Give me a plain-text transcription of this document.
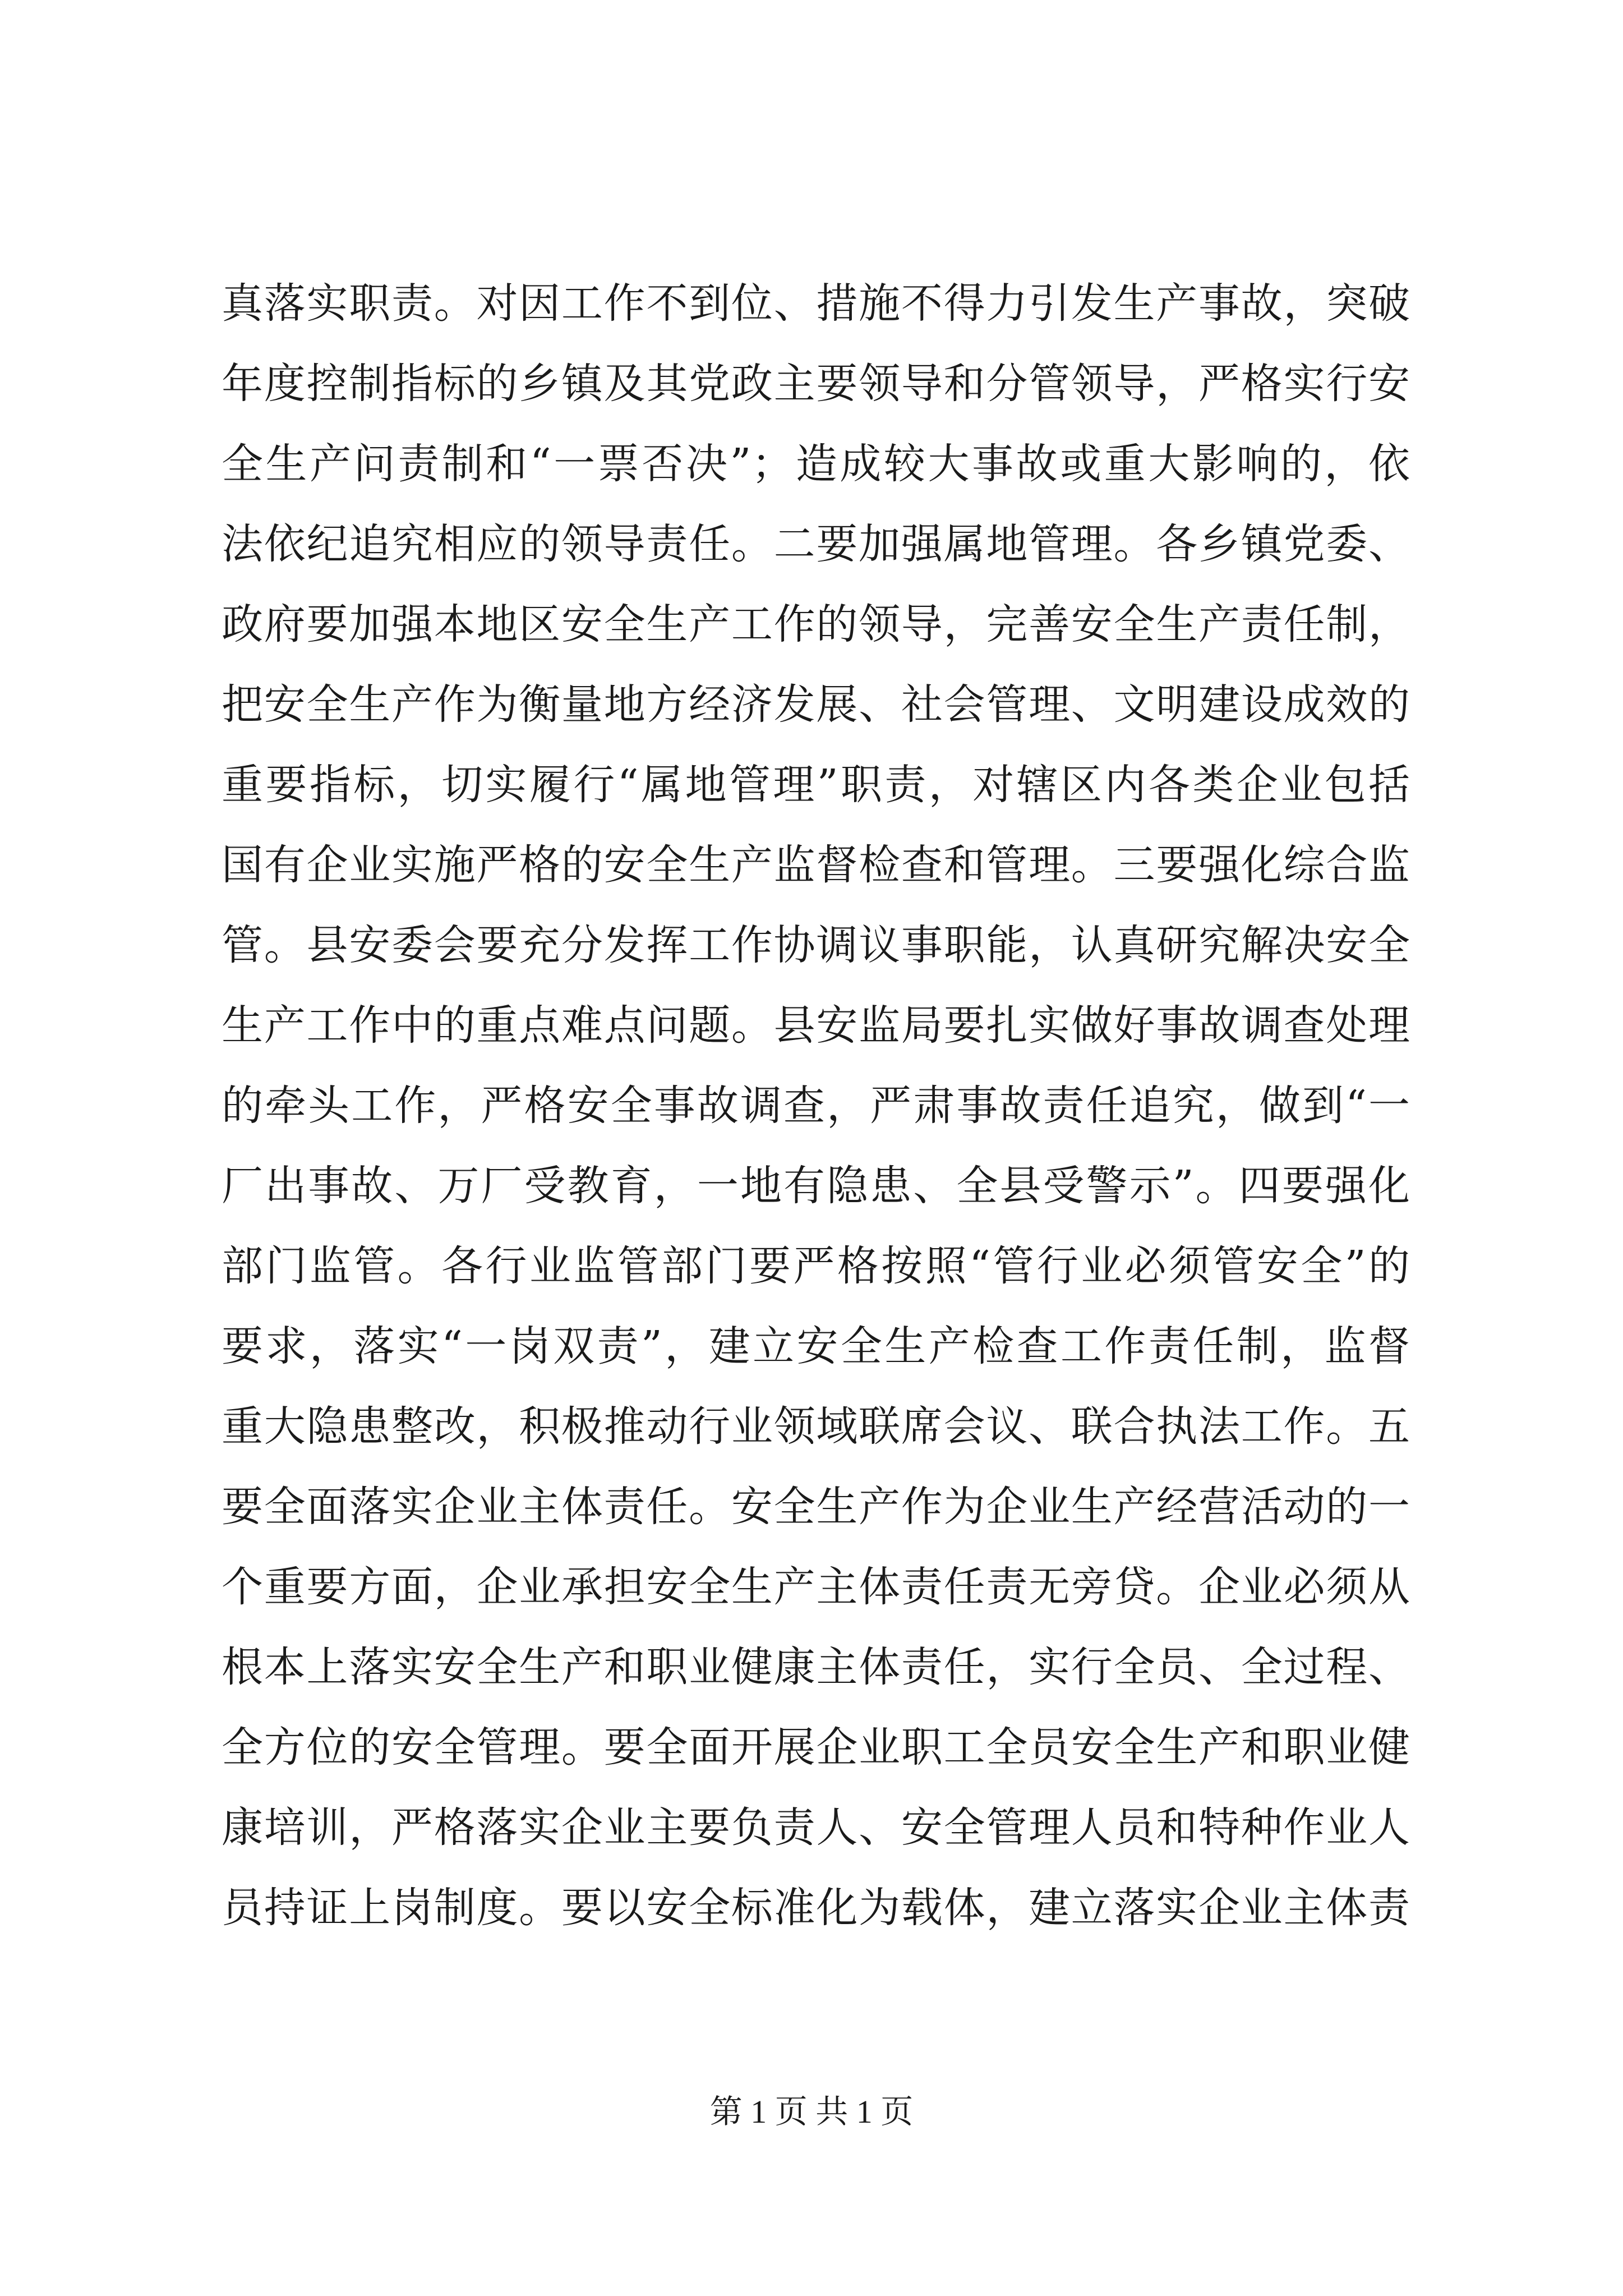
真落实职责。对因工作不到位、措施不得力引发生产事故，突破
年度控制指标的乡镇及其党政主要领导和分管领导，严格实行安
全生产问责制和“一票否决”；造成较大事故或重大影响的，依
法依纪追究相应的领导责任。二要加强属地管理。各乡镇党委、
政府要加强本地区安全生产工作的领导，完善安全生产责任制，
把安全生产作为衡量地方经济发展、社会管理、文明建设成效的
重要指标，切实履行“属地管理”职责，对辖区内各类企业包括
国有企业实施严格的安全生产监督检查和管理。三要强化综合监
管。县安委会要充分发挥工作协调议事职能，认真研究解决安全
生产工作中的重点难点问题。县安监局要扎实做好事故调查处理
的牵头工作，严格安全事故调查，严肃事故责任追究，做到“一
厂出事故、万厂受教育，一地有隐患、全县受警示”。四要强化
部门监管。各行业监管部门要严格按照“管行业必须管安全”的
要求，落实“一岗双责”，建立安全生产检查工作责任制，监督
重大隐患整改，积极推动行业领域联席会议、联合执法工作。五
要全面落实企业主体责任。安全生产作为企业生产经营活动的一
个重要方面，企业承担安全生产主体责任责无旁贷。企业必须从
根本上落实安全生产和职业健康主体责任，实行全员、全过程、
全方位的安全管理。要全面开展企业职工全员安全生产和职业健
康培训，严格落实企业主要负责人、安全管理人员和特种作业人
员持证上岗制度。要以安全标准化为载体，建立落实企业主体责
第 1 页 共 1 页
